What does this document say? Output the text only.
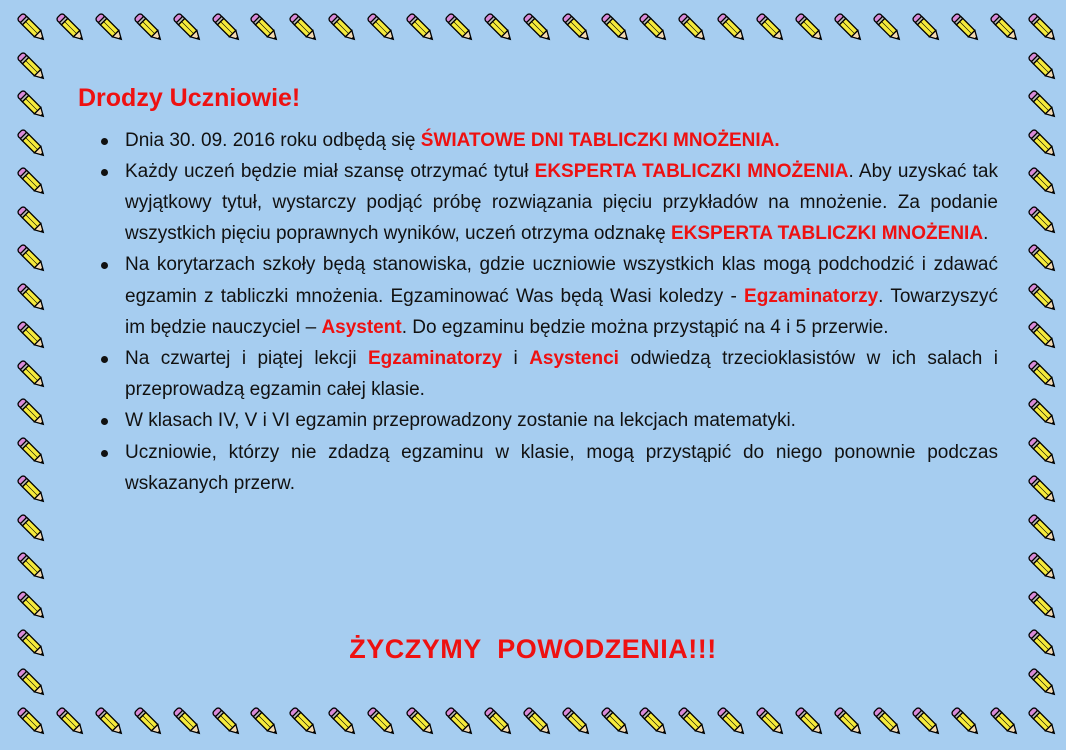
Drodzy Uczniowie!
Dnia 30. 09. 2016 roku odbędą się ŚWIATOWE DNI TABLICZKI MNOŻENIA.
Każdy uczeń będzie miał szansę otrzymać tytuł EKSPERTA TABLICZKI MNOŻENIA. Aby uzyskać tak wyjątkowy tytuł, wystarczy podjąć próbę rozwiązania pięciu przykładów na mnożenie. Za podanie wszystkich pięciu poprawnych wyników, uczeń otrzyma odznakę EKSPERTA TABLICZKI MNOŻENIA.
Na korytarzach szkoły będą stanowiska, gdzie uczniowie wszystkich klas mogą podchodzić i zdawać egzamin z tabliczki mnożenia. Egzaminować Was będą Wasi koledzy - Egzaminatorzy. Towarzyszyć im będzie nauczyciel – Asystent. Do egzaminu będzie można przystąpić na 4 i 5 przerwie.
Na czwartej i piątej lekcji Egzaminatorzy i Asystenci odwiedzą trzecioklasistów w ich salach i przeprowadzą egzamin całej klasie.
W klasach IV, V i VI egzamin przeprowadzony zostanie na lekcjach matematyki.
Uczniowie, którzy nie zdadzą egzaminu w klasie, mogą przystąpić do niego ponownie podczas wskazanych przerw.
ŻYCZYMY  POWODZENIA!!!
